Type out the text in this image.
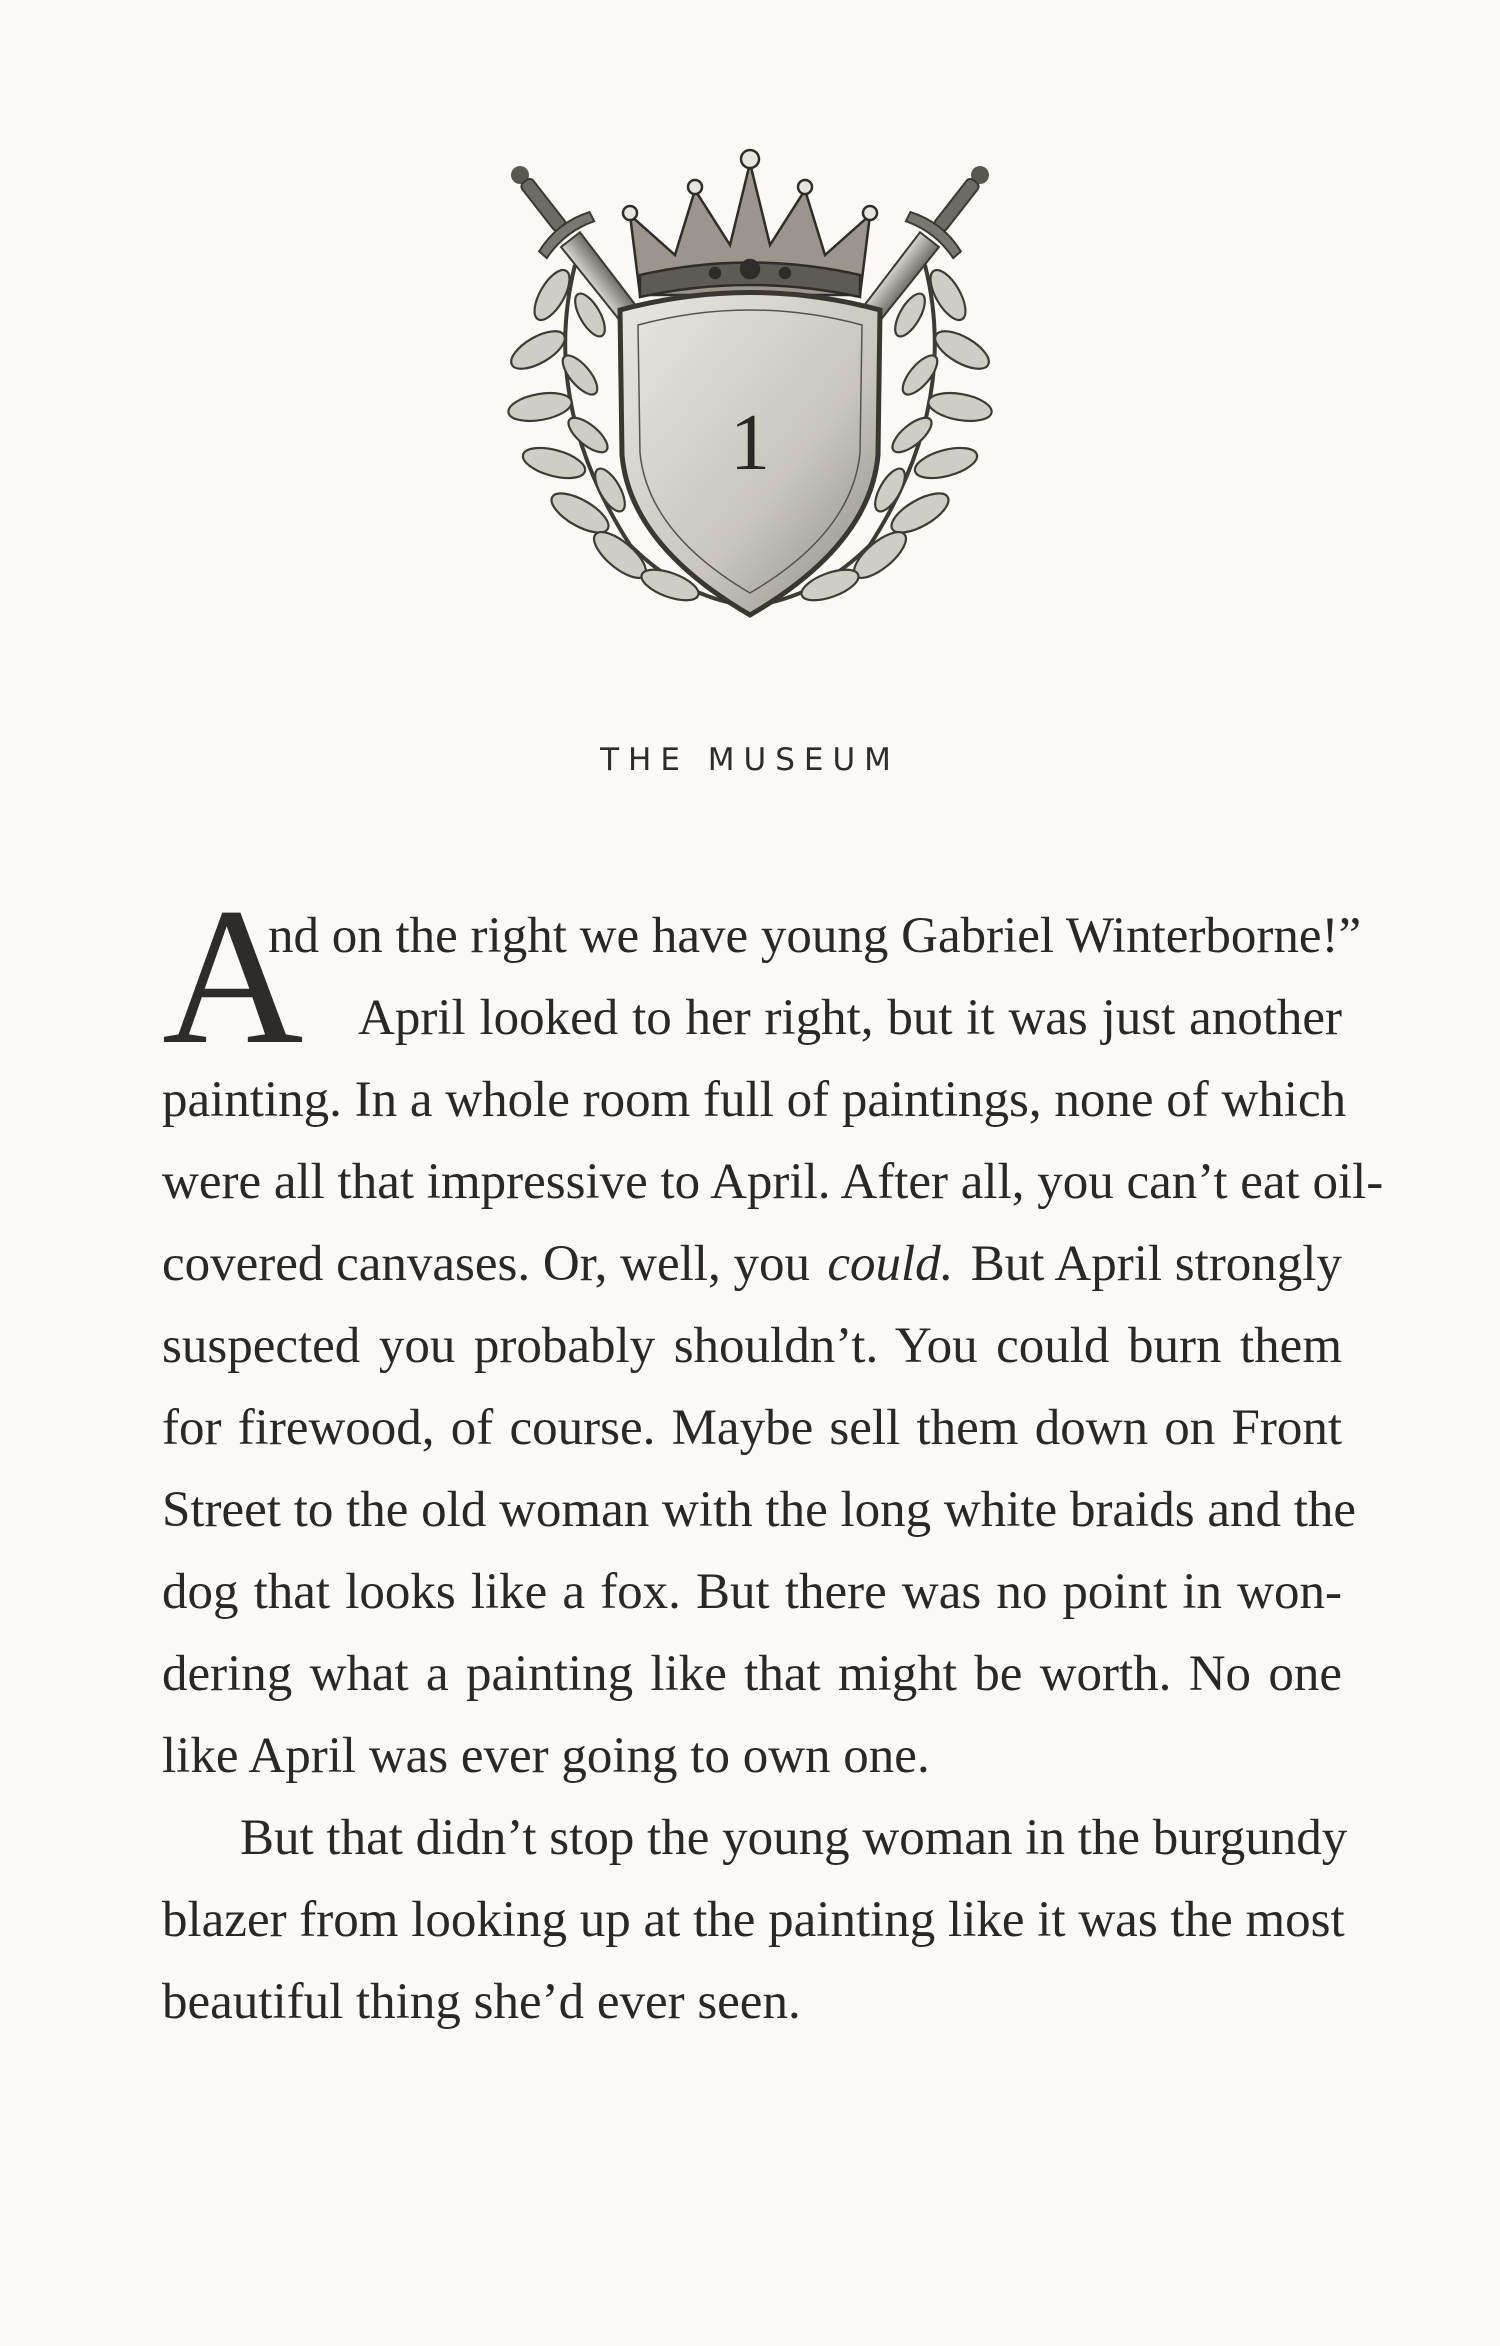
1
THE MUSEUM
A
nd on the right we have young Gabriel Winterborne!”
April looked to her right, but it was just another
painting. In a whole room full of paintings, none of which
were all that impressive to April. After all, you can’t eat oil-
covered canvases. Or, well, you could. But April strongly
suspected you probably shouldn’t. You could burn them
for firewood, of course. Maybe sell them down on Front
Street to the old woman with the long white braids and the
dog that looks like a fox. But there was no point in won-
dering what a painting like that might be worth. No one
like April was ever going to own one.
But that didn’t stop the young woman in the burgundy
blazer from looking up at the painting like it was the most
beautiful thing she’d ever seen.
